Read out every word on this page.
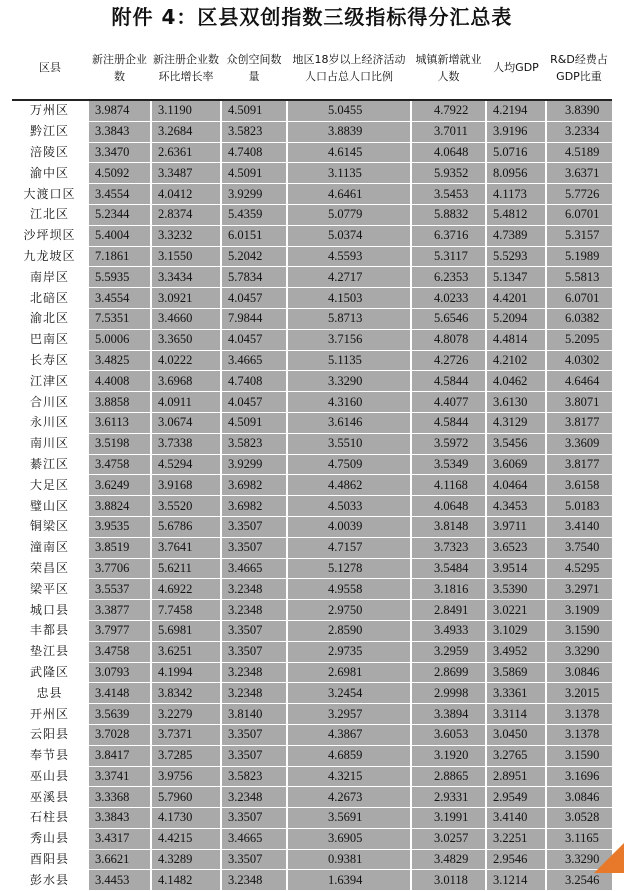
附件 4：区县双创指数三级指标得分汇总表
区县	新注册企业数	新注册企业数环比增长率	众创空间数量	地区18岁以上经济活动人口占总人口比例	城镇新增就业人数	人均GDP	R&D经费占GDP比重
万州区	3.9874	3.1190	4.5091	5.0455	4.7922	4.2194	3.8390
黔江区	3.3843	3.2684	3.5823	3.8839	3.7011	3.9196	3.2334
涪陵区	3.3470	2.6361	4.7408	4.6145	4.0648	5.0716	4.5189
渝中区	4.5092	3.3487	4.5091	3.1135	5.9352	8.0956	3.6371
大渡口区	3.4554	4.0412	3.9299	4.6461	3.5453	4.1173	5.7726
江北区	5.2344	2.8374	5.4359	5.0779	5.8832	5.4812	6.0701
沙坪坝区	5.4004	3.3232	6.0151	5.0374	6.3716	4.7389	5.3157
九龙坡区	7.1861	3.1550	5.2042	4.5593	5.3117	5.5293	5.1989
南岸区	5.5935	3.3434	5.7834	4.2717	6.2353	5.1347	5.5813
北碚区	3.4554	3.0921	4.0457	4.1503	4.0233	4.4201	6.0701
渝北区	7.5351	3.4660	7.9844	5.8713	5.6546	5.2094	6.0382
巴南区	5.0006	3.3650	4.0457	3.7156	4.8078	4.4814	5.2095
长寿区	3.4825	4.0222	3.4665	5.1135	4.2726	4.2102	4.0302
江津区	4.4008	3.6968	4.7408	3.3290	4.5844	4.0462	4.6464
合川区	3.8858	4.0911	4.0457	4.3160	4.4077	3.6130	3.8071
永川区	3.6113	3.0674	4.5091	3.6146	4.5844	4.3129	3.8177
南川区	3.5198	3.7338	3.5823	3.5510	3.5972	3.5456	3.3609
綦江区	3.4758	4.5294	3.9299	4.7509	3.5349	3.6069	3.8177
大足区	3.6249	3.9168	3.6982	4.4862	4.1168	4.0464	3.6158
璧山区	3.8824	3.5520	3.6982	4.5033	4.0648	4.3453	5.0183
铜梁区	3.9535	5.6786	3.3507	4.0039	3.8148	3.9711	3.4140
潼南区	3.8519	3.7641	3.3507	4.7157	3.7323	3.6523	3.7540
荣昌区	3.7706	5.6211	3.4665	5.1278	3.5484	3.9514	4.5295
梁平区	3.5537	4.6922	3.2348	4.9558	3.1816	3.5390	3.2971
城口县	3.3877	7.7458	3.2348	2.9750	2.8491	3.0221	3.1909
丰都县	3.7977	5.6981	3.3507	2.8590	3.4933	3.1029	3.1590
垫江县	3.4758	3.6251	3.3507	2.9735	3.2959	3.4952	3.3290
武隆区	3.0793	4.1994	3.2348	2.6981	2.8699	3.5869	3.0846
忠县	3.4148	3.8342	3.2348	3.2454	2.9998	3.3361	3.2015
开州区	3.5639	3.2279	3.8140	3.2957	3.3894	3.3114	3.1378
云阳县	3.7028	3.7371	3.3507	4.3867	3.6053	3.0450	3.1378
奉节县	3.8417	3.7285	3.3507	4.6859	3.1920	3.2765	3.1590
巫山县	3.3741	3.9756	3.5823	4.3215	2.8865	2.8951	3.1696
巫溪县	3.3368	5.7960	3.2348	4.2673	2.9331	2.9549	3.0846
石柱县	3.3843	4.1730	3.3507	3.5691	3.1991	3.4140	3.0528
秀山县	3.4317	4.4215	3.4665	3.6905	3.0257	3.2251	3.1165
酉阳县	3.6621	4.3289	3.3507	0.9381	3.4829	2.9546	3.3290
彭水县	3.4453	4.1482	3.2348	1.6394	3.0118	3.1214	3.2546
